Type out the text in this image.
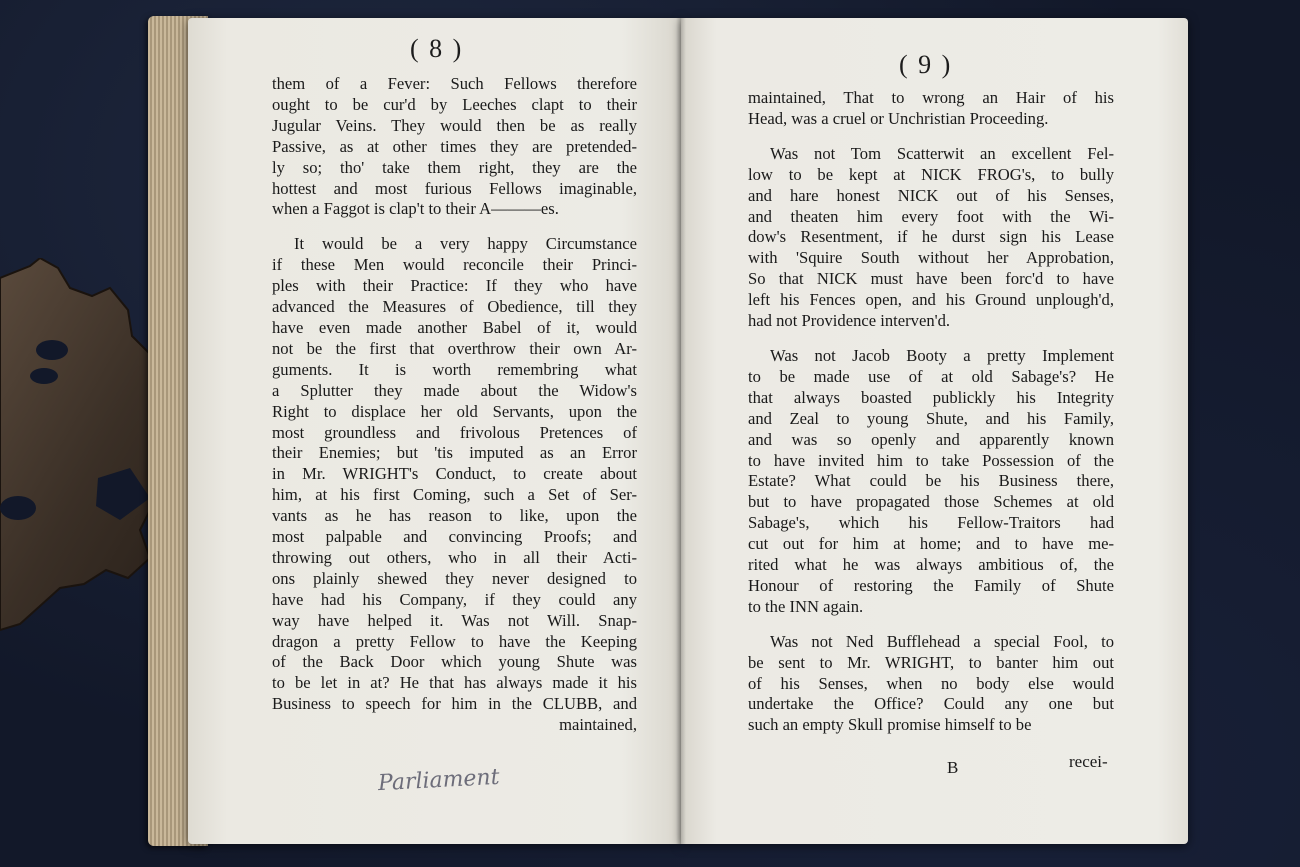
( 8 )
them of a Fever: Such Fellows therefore
ought to be cur'd by Leeches clapt to their
Jugular Veins. They would then be as really
Passive, as at other times they are pretended-
ly so; tho' take them right, they are the
hottest and most furious Fellows imaginable,
when a Faggot is clap't to their A———es.
It would be a very happy Circumstance
if these Men would reconcile their Princi-
ples with their Practice: If they who have
advanced the Measures of Obedience, till they
have even made another Babel of it, would
not be the first that overthrow their own Ar-
guments. It is worth remembring what
a Splutter they made about the Widow's
Right to displace her old Servants, upon the
most groundless and frivolous Pretences of
their Enemies; but 'tis imputed as an Error
in Mr. WRIGHT's Conduct, to create about
him, at his first Coming, such a Set of Ser-
vants as he has reason to like, upon the
most palpable and convincing Proofs; and
throwing out others, who in all their Acti-
ons plainly shewed they never designed to
have had his Company, if they could any
way have helped it. Was not Will. Snap-
dragon a pretty Fellow to have the Keeping
of the Back Door which young Shute was
to be let in at? He that has always made it his
Business to speech for him in the CLUBB, and
maintained,
Parliament
( 9 )
maintained, That to wrong an Hair of his
Head, was a cruel or Unchristian Proceeding.
Was not Tom Scatterwit an excellent Fel-
low to be kept at NICK FROG's, to bully
and hare honest NICK out of his Senses,
and theaten him every foot with the Wi-
dow's Resentment, if he durst sign his Lease
with 'Squire South without her Approbation,
So that NICK must have been forc'd to have
left his Fences open, and his Ground unplough'd,
had not Providence interven'd.
Was not Jacob Booty a pretty Implement
to be made use of at old Sabage's? He
that always boasted publickly his Integrity
and Zeal to young Shute, and his Family,
and was so openly and apparently known
to have invited him to take Possession of the
Estate? What could be his Business there,
but to have propagated those Schemes at old
Sabage's, which his Fellow-Traitors had
cut out for him at home; and to have me-
rited what he was always ambitious of, the
Honour of restoring the Family of Shute
to the INN again.
Was not Ned Bufflehead a special Fool, to
be sent to Mr. WRIGHT, to banter him out
of his Senses, when no body else would
undertake the Office? Could any one but
such an empty Skull promise himself to be
B	recei-
